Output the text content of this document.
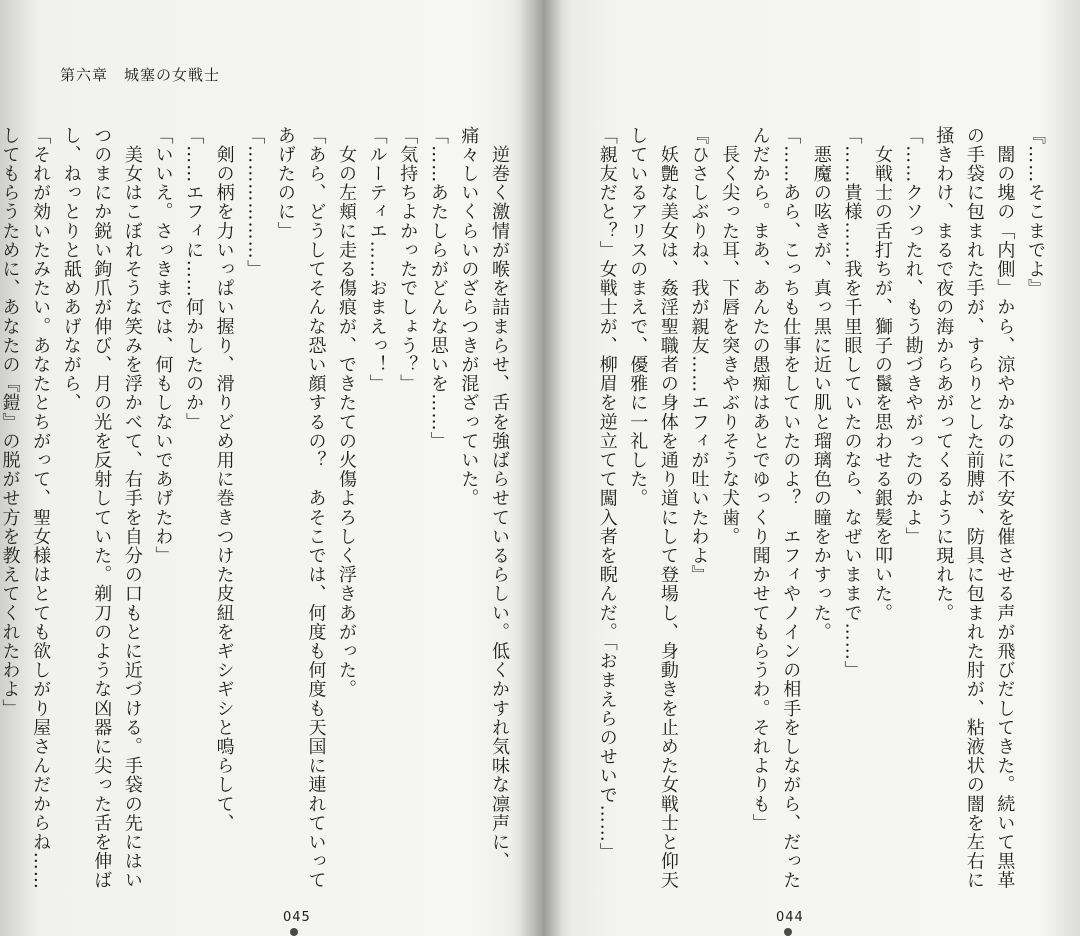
第六章　城塞の女戦士
　逆巻く激情が喉を詰まらせ、舌を強ばらせているらしい。低くかすれ気味な凛声に、
痛々しいくらいのざらつきが混ざっていた。
「……あたしらがどんな思いを……」
「気持ちよかったでしょう？」
「ルーティエ……おまえっ！」
　女の左頬に走る傷痕が、できたての火傷よろしく浮きあがった。
「あら、どうしてそんな恐い顔するの？　あそこでは、何度も何度も天国に連れていって
あげたのに」
「………………」
　剣の柄を力いっぱい握り、滑りどめ用に巻きつけた皮紐をギシギシと鳴らして、
「……エフィに……何かしたのか」
「いいえ。さっきまでは、何もしないであげたわ」
　美女はこぼれそうな笑みを浮かべて、右手を自分の口もとに近づける。手袋の先にはい
つのまにか鋭い鉤爪が伸び、月の光を反射していた。剃刀のような凶器に尖った舌を伸ば
し、ねっとりと舐めあげながら、
「それが効いたみたい。あなたとちがって、聖女様はとても欲しがり屋さんだからね……
してもらうために、あなたの『鎧』の脱がせ方を教えてくれたわよ」
045
『……そこまでよ』
　闇の塊の「内側」から、涼やかなのに不安を催させる声が飛びだしてきた。続いて黒革
の手袋に包まれた手が、すらりとした前膊が、防具に包まれた肘が、粘液状の闇を左右に
掻きわけ、まるで夜の海からあがってくるように現れた。
「……クソったれ、もう勘づきやがったのかよ」
　女戦士の舌打ちが、獅子の鬣を思わせる銀髪を叩いた。
「……貴様……我を千里眼していたのなら、なぜいままで……」
　悪魔の呟きが、真っ黒に近い肌と瑠璃色の瞳をかすった。
「……あら、こっちも仕事をしていたのよ？　エフィやノインの相手をしながら、だった
んだから。まあ、あんたの愚痴はあとでゆっくり聞かせてもらうわ。それよりも」
　長く尖った耳、下唇を突きやぶりそうな犬歯。
『ひさしぶりね、我が親友……エフィが吐いたわよ』
　妖艶な美女は、姦淫聖職者の身体を通り道にして登場し、身動きを止めた女戦士と仰天
しているアリスのまえで、優雅に一礼した。
「親友だと？」女戦士が、柳眉を逆立てて闖入者を睨んだ。「おまえらのせいで……」
044
